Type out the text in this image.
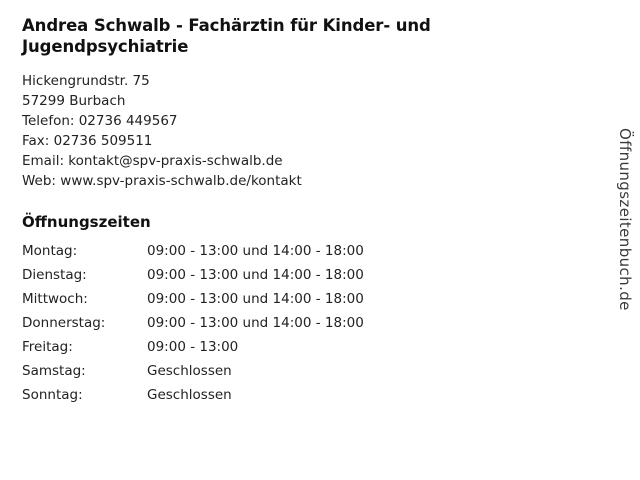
Andrea Schwalb - Fachärztin für Kinder- und Jugendpsychiatrie
Hickengrundstr. 75
57299 Burbach
Telefon: 02736 449567
Fax: 02736 509511
Email: kontakt@spv-praxis-schwalb.de
Web: www.spv-praxis-schwalb.de/kontakt
Öffnungszeiten
Montag:	09:00 - 13:00 und 14:00 - 18:00
Dienstag:	09:00 - 13:00 und 14:00 - 18:00
Mittwoch:	09:00 - 13:00 und 14:00 - 18:00
Donnerstag:	09:00 - 13:00 und 14:00 - 18:00
Freitag:	09:00 - 13:00
Samstag:	Geschlossen
Sonntag:	Geschlossen
Öffnungszeitenbuch.de
